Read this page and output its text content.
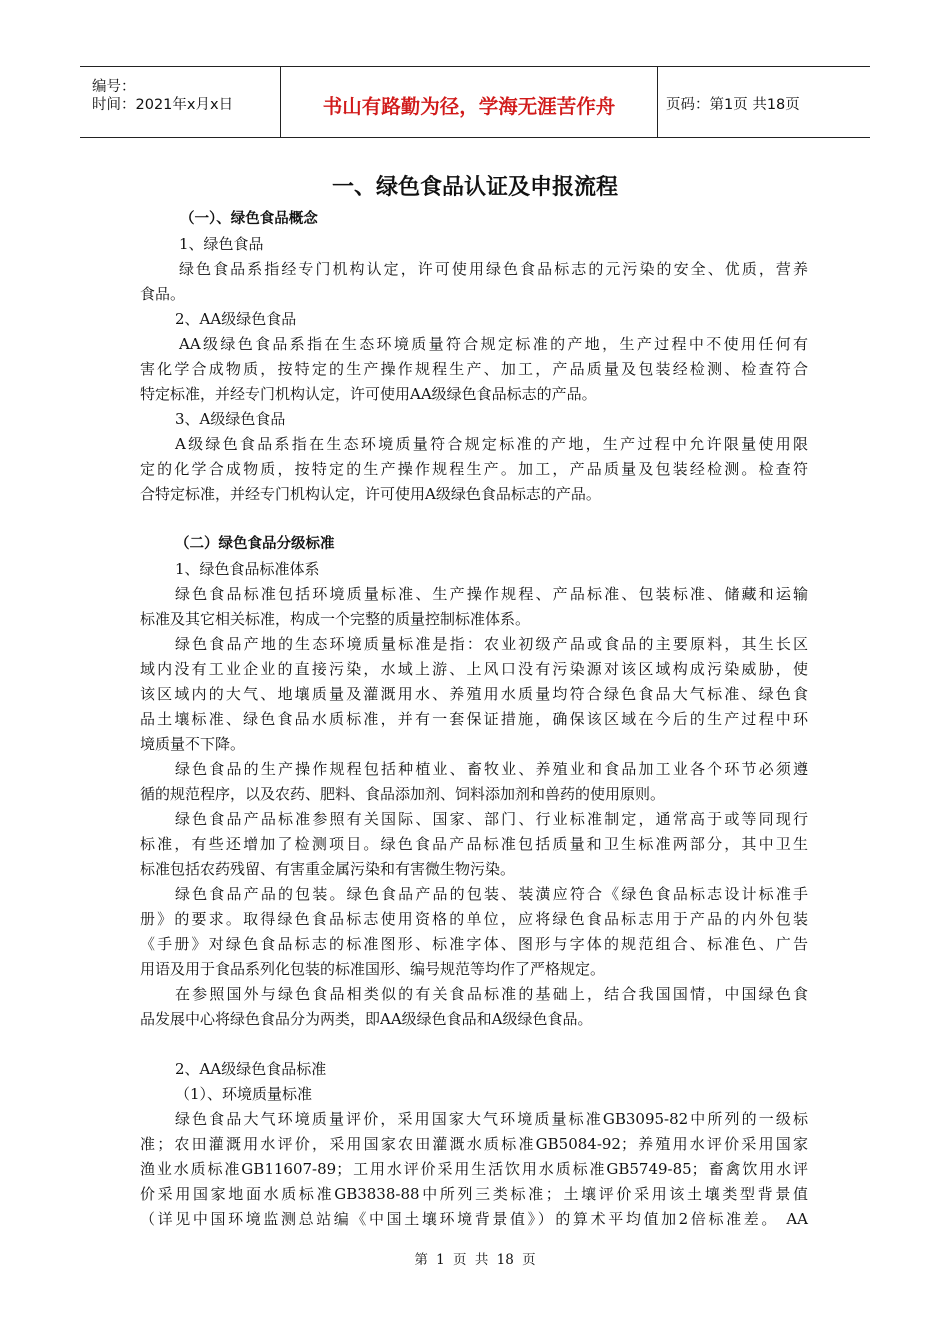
编号：
时间：2021年x月x日	书山有路勤为径，学海无涯苦作舟	页码：第1页 共18页
一、绿色食品认证及申报流程
（一）、绿色食品概念
1、绿色食品
绿色食品系指经专门机构认定，许可使用绿色食品标志的元污染的安全、优质，营养
食品。
2、AA级绿色食品
AA级绿色食品系指在生态环境质量符合规定标准的产地，生产过程中不使用任何有
害化学合成物质，按特定的生产操作规程生产、加工，产品质量及包装经检测、检查符合
特定标准，并经专门机构认定，许可使用AA级绿色食品标志的产品。
3、A级绿色食品
A级绿色食品系指在生态环境质量符合规定标准的产地，生产过程中允许限量使用限
定的化学合成物质，按特定的生产操作规程生产。加工，产品质量及包装经检测。检查符
合特定标准，并经专门机构认定，许可使用A级绿色食品标志的产品。
（二）绿色食品分级标准
1、绿色食品标准体系
绿色食品标准包括环境质量标准、生产操作规程、产品标准、包装标准、储藏和运输
标准及其它相关标准，构成一个完整的质量控制标准体系。
绿色食品产地的生态环境质量标准是指：农业初级产品或食品的主要原料，其生长区
域内没有工业企业的直接污染，水域上游、上风口没有污染源对该区域构成污染威胁，使
该区域内的大气、地壤质量及灌溉用水、养殖用水质量均符合绿色食品大气标准、绿色食
品土壤标准、绿色食品水质标准，并有一套保证措施，确保该区域在今后的生产过程中环
境质量不下降。
绿色食品的生产操作规程包括种植业、畜牧业、养殖业和食品加工业各个环节必须遵
循的规范程序，以及农药、肥料、食品添加剂、饲料添加剂和兽药的使用原则。
绿色食品产品标准参照有关国际、国家、部门、行业标准制定，通常高于或等同现行
标准，有些还增加了检测项目。绿色食品产品标准包括质量和卫生标准两部分，其中卫生
标准包括农药残留、有害重金属污染和有害微生物污染。
绿色食品产品的包装。绿色食品产品的包装、装潢应符合《绿色食品标志设计标准手
册》的要求。取得绿色食品标志使用资格的单位，应将绿色食品标志用于产品的内外包装
《手册》对绿色食品标志的标准图形、标准字体、图形与字体的规范组合、标准色、广告
用语及用于食品系列化包装的标准国形、编号规范等均作了严格规定。
在参照国外与绿色食品相类似的有关食品标准的基础上，结合我国国情，中国绿色食
品发展中心将绿色食品分为两类，即AA级绿色食品和A级绿色食品。
2、AA级绿色食品标准
（1）、环境质量标准
绿色食品大气环境质量评价，采用国家大气环境质量标准GB3095-82中所列的一级标
准；农田灌溉用水评价，采用国家农田灌溉水质标准GB5084-92；养殖用水评价采用国家
渔业水质标准GB11607-89；工用水评价采用生活饮用水质标准GB5749-85；畜禽饮用水评
价采用国家地面水质标准GB3838-88中所列三类标准；土壤评价采用该土壤类型背景值
（详见中国环境监测总站编《中国土壤环境背景值》）的算术平均值加2倍标准差。 AA
第 1 页 共 18 页
